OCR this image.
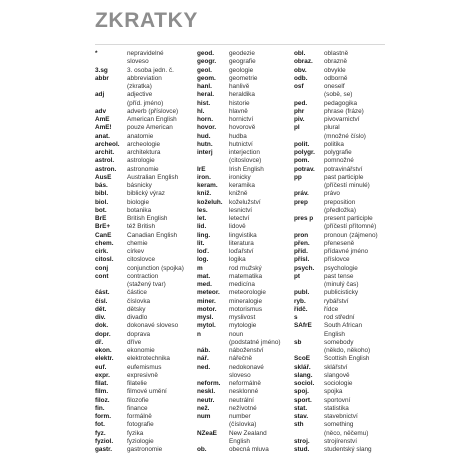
ZKRATKY
*	nepravidelné
sloveso
3.sg	3. osoba jedn. č.
abbr	abbreviation
(zkratka)
adj	adjective
(příd. jméno)
adv	adverb (příslovce)
AmE	American English
AmE!	pouze American
anat.	anatomie
archeol.	archeologie
archit.	architektura
astrol.	astrologie
astron.	astronomie
AusE	Australian English
bás.	básnicky
bibl.	biblický výraz
biol.	biologie
bot.	botanika
BrE	British English
BrE+	též British
CanE	Canadian English
chem.	chemie
cirk.	církev
citosl.	citoslovce
conj	conjunction (spojka)
cont	contraction
(stažený tvar)
část.	částice
čísl.	číslovka
dět.	dětsky
div.	divadlo
dok.	dokonavé sloveso
dopr.	doprava
dř.	dříve
ekon.	ekonomie
elektr.	elektrotechnika
euf.	eufemismus
expr.	expresivně
filat.	filatelie
film.	filmové umění
filoz.	filozofie
fin.	finance
form.	formálně
fot.	fotografie
fyz.	fyzika
fyziol.	fyziologie
gastr.	gastronomie
geod.	geodezie
geogr.	geografie
geol.	geologie
geom.	geometrie
hanl.	hanlivě
heral.	heraldika
hist.	historie
hl.	hlavně
horn.	hornictví
hovor.	hovorově
hud.	hudba
hutn.	hutnictví
interj	interjection
(citoslovce)
IrE	Irish English
iron.	ironicky
keram.	keramika
kniž.	knižně
koželuh.	koželužství
les.	lesnictví
let.	letectví
lid.	lidově
ling.	lingvistika
lit.	literatura
loď.	loďařství
log.	logika
m	rod mužský
mat.	matematika
med.	medicína
meteor.	meteorologie
miner.	mineralogie
motor.	motorismus
mysl.	myslivost
mytol.	mytologie
n	noun
(podstatné jméno)
náb.	náboženství
nář.	nářečně
ned.	nedokonavé
sloveso
neform.	neformálně
neskl.	nesklonné
neutr.	neutrální
než.	nežívotné
num	number
(číslovka)
NZeaE	New Zealand
English
ob.	obecná mluva
obl.	oblastně
obraz.	obrazně
obv.	obvykle
odb.	odborně
osf	oneself
(sobě, se)
ped.	pedagogika
phr	phrase (fráze)
piv.	pivovarnictví
pl	plural
(množné číslo)
polit.	politika
polygr.	polygrafie
pom.	pomnožné
potrav.	potravinářství
pp	past participle
(příčestí minulé)
práv.	právo
prep	preposition
(předložka)
pres p	present participle
(příčestí přítomné)
pron	pronoun (zájmeno)
přen.	přeneseně
příd.	přídavné jméno
přísl.	příslovce
psych.	psychologie
pt	past tense
(minulý čas)
publ.	publicisticky
ryb.	rybářství
řídč.	řídce
s	rod střední
SAfrE	South African
English
sb	somebody
(někdo, někoho)
ScoE	Scottish English
sklář.	sklářství
slang.	slangově
sociol.	sociologie
spoj.	spojka
sport.	sportovní
stat.	statistika
stav.	stavebnictví
sth	something
(něco, něčemu)
stroj.	strojírenství
stud.	studentský slang
